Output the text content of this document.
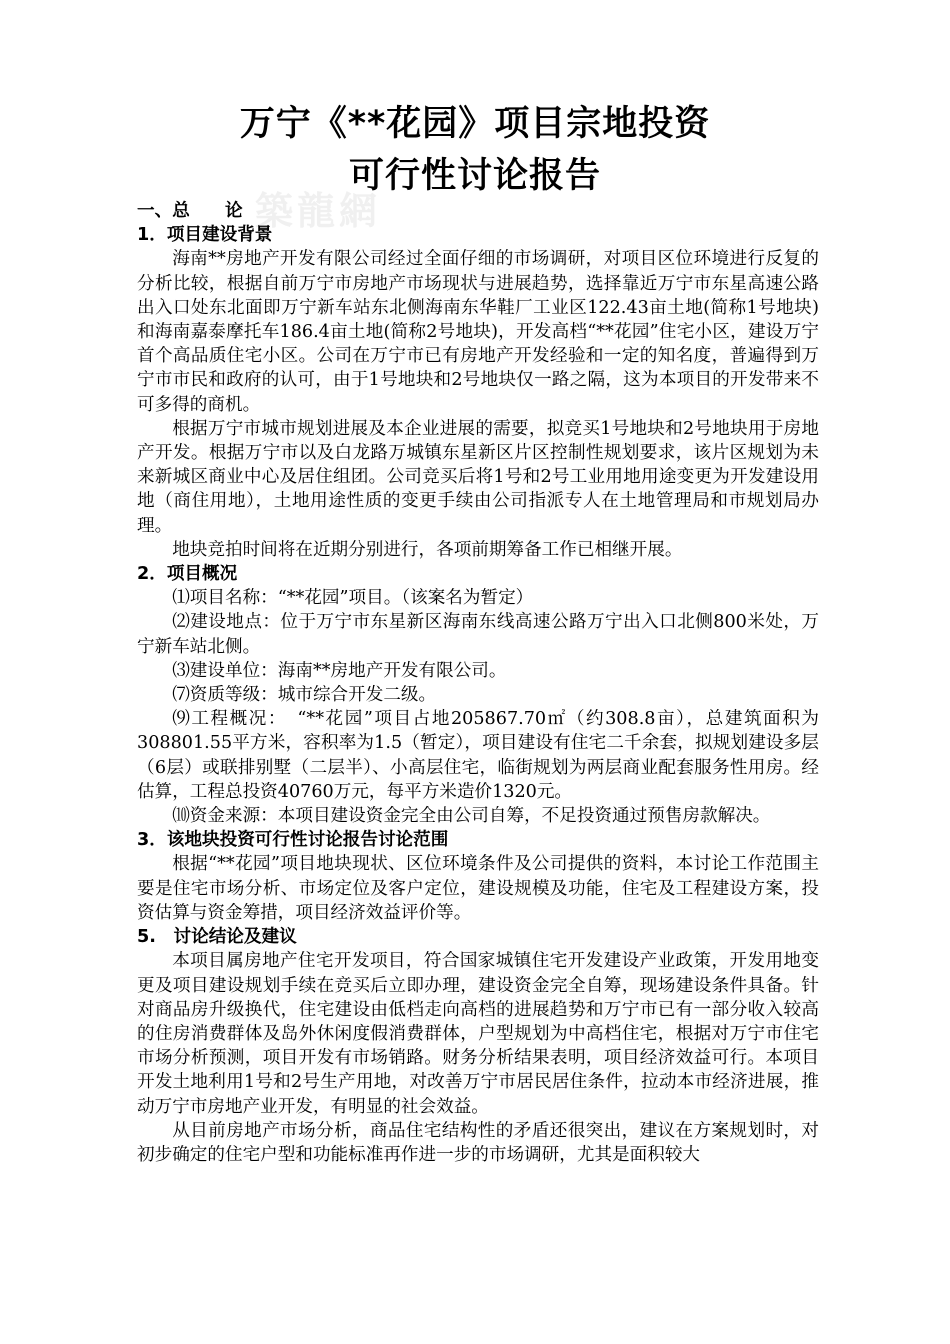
築龍網
万宁《**花园》项目宗地投资
可行性讨论报告

一、总　　论

1．项目建设背景

海南**房地产开发有限公司经过全面仔细的市场调研，对项目区位环境进行反复的分析比较，根据自前万宁市房地产市场现状与进展趋势，选择靠近万宁市东星高速公路出入口处东北面即万宁新车站东北侧海南东华鞋厂工业区122.43亩土地(简称1号地块)和海南嘉泰摩托车186.4亩土地(简称2号地块)，开发高档“**花园”住宅小区，建设万宁首个高品质住宅小区。公司在万宁市已有房地产开发经验和一定的知名度，普遍得到万宁市市民和政府的认可，由于1号地块和2号地块仅一路之隔，这为本项目的开发带来不可多得的商机。

根据万宁市城市规划进展及本企业进展的需要，拟竞买1号地块和2号地块用于房地产开发。根据万宁市以及白龙路万城镇东星新区片区控制性规划要求，该片区规划为未来新城区商业中心及居住组团。公司竞买后将1号和2号工业用地用途变更为开发建设用地（商住用地），土地用途性质的变更手续由公司指派专人在土地管理局和市规划局办理。

地块竞拍时间将在近期分别进行，各项前期筹备工作已相继开展。

2．项目概况

⑴项目名称：“**花园”项目。（该案名为暂定）

⑵建设地点：位于万宁市东星新区海南东线高速公路万宁出入口北侧800米处，万宁新车站北侧。

⑶建设单位：海南**房地产开发有限公司。

⑺资质等级：城市综合开发二级。

⑼工程概况：　“**花园”项目占地205867.70㎡（约308.8亩），总建筑面积为308801.55平方米，容积率为1.5（暂定），项目建设有住宅二千余套，拟规划建设多层（6层）或联排别墅（二层半）、小高层住宅，临街规划为两层商业配套服务性用房。经估算，工程总投资40760万元，每平方米造价1320元。

⑽资金来源：本项目建设资金完全由公司自筹，不足投资通过预售房款解决。

3．该地块投资可行性讨论报告讨论范围

根据“**花园”项目地块现状、区位环境条件及公司提供的资料，本讨论工作范围主要是住宅市场分析、市场定位及客户定位，建设规模及功能，住宅及工程建设方案，投资估算与资金筹措，项目经济效益评价等。

5.　讨论结论及建议

本项目属房地产住宅开发项目，符合国家城镇住宅开发建设产业政策，开发用地变更及项目建设规划手续在竞买后立即办理，建设资金完全自筹，现场建设条件具备。针对商品房升级换代，住宅建设由低档走向高档的进展趋势和万宁市已有一部分收入较高的住房消费群体及岛外休闲度假消费群体，户型规划为中高档住宅，根据对万宁市住宅市场分析预测，项目开发有市场销路。财务分析结果表明，项目经济效益可行。本项目开发土地利用1号和2号生产用地，对改善万宁市居民居住条件，拉动本市经济进展，推动万宁市房地产业开发，有明显的社会效益。

从目前房地产市场分析，商品住宅结构性的矛盾还很突出，建议在方案规划时，对初步确定的住宅户型和功能标准再作进一步的市场调研，尤其是面积较大
